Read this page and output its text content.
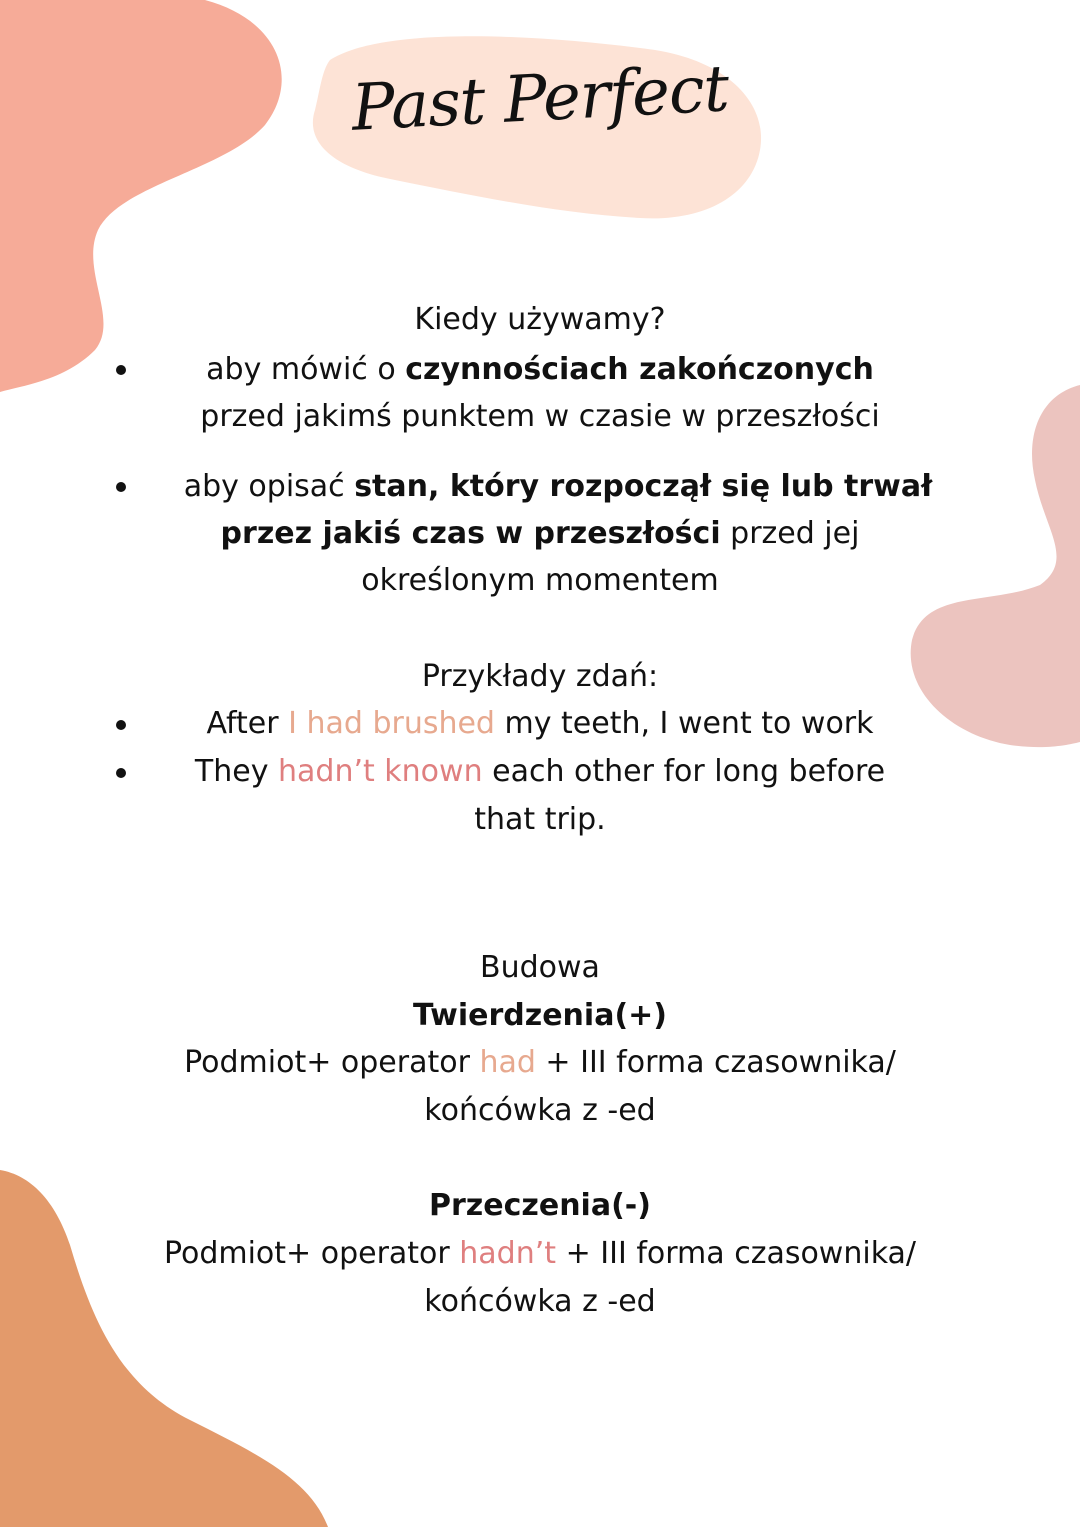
Past Perfect
Kiedy używamy?
aby mówić o czynnościach zakończonych
przed jakimś punktem w czasie w przeszłości
aby opisać stan, który rozpoczął się lub trwał
przez jakiś czas w przeszłości przed jej
określonym momentem
Przykłady zdań:
After I had brushed my teeth, I went to work
They hadn’t known each other for long before
that trip.
Budowa
Twierdzenia(+)
Podmiot+ operator had + III forma czasownika/
końcówka z -ed
Przeczenia(-)
Podmiot+ operator hadn’t + III forma czasownika/
końcówka z -ed
